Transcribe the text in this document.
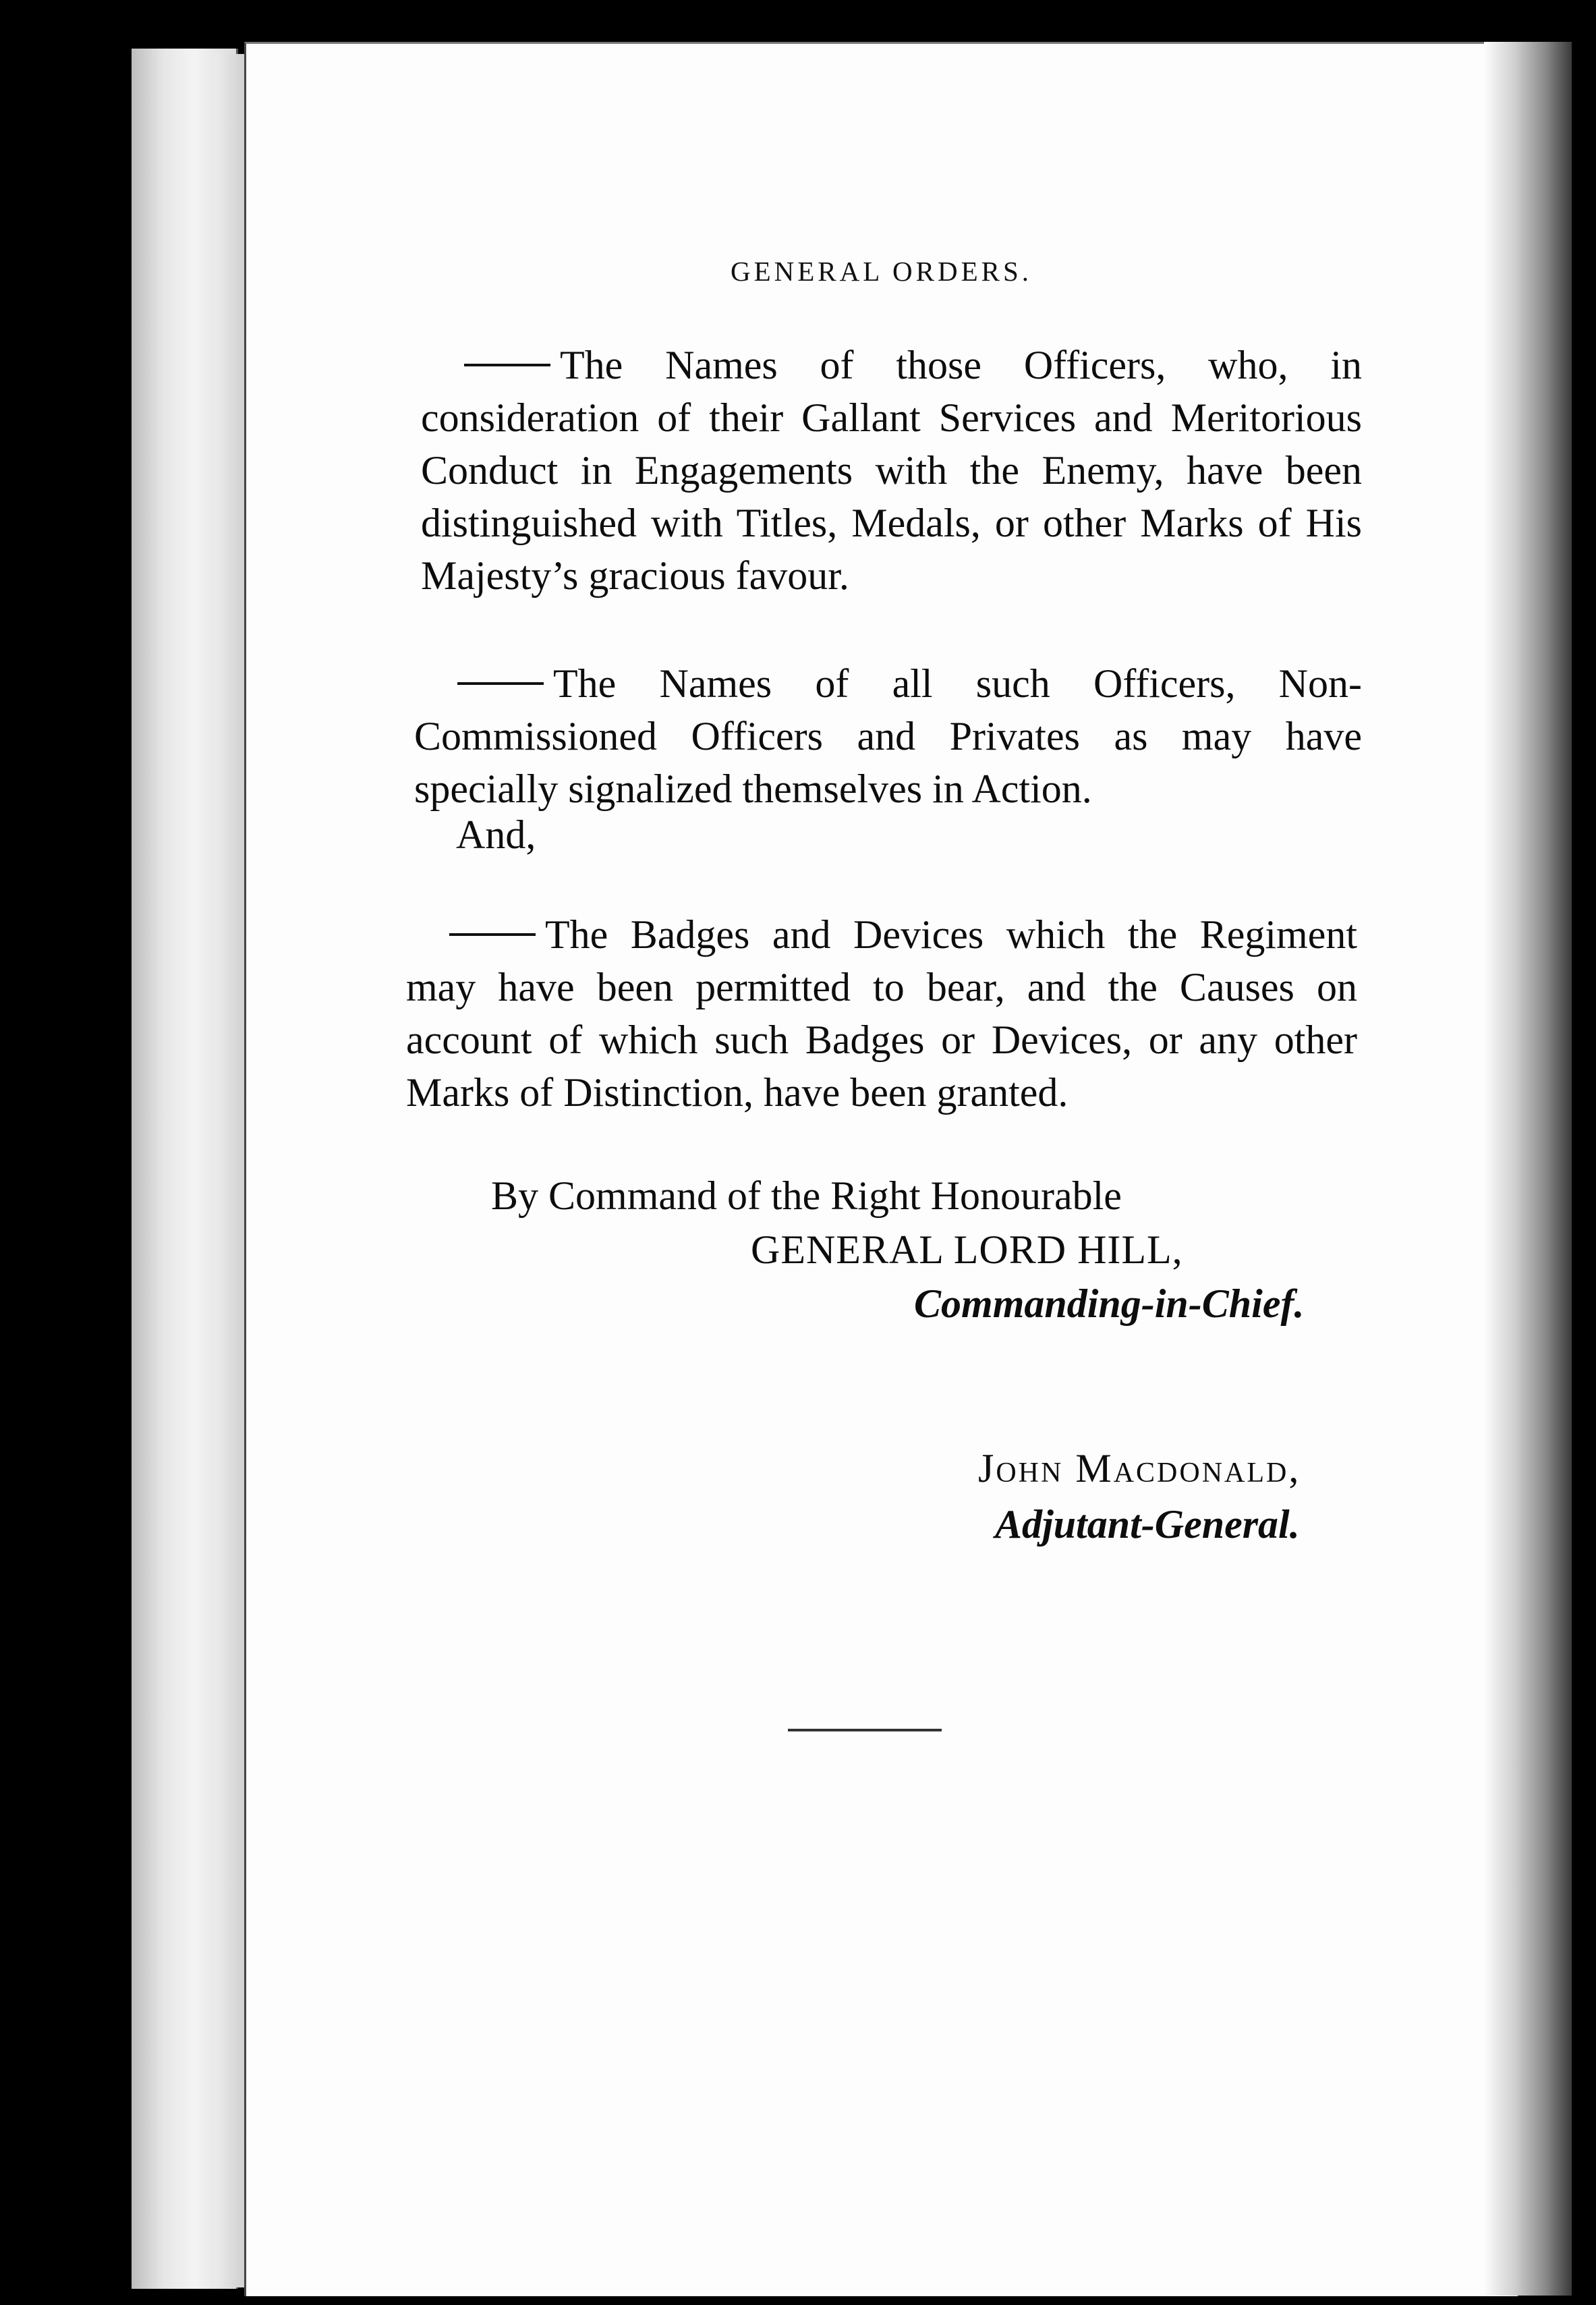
GENERAL ORDERS.

The Names of those Officers, who, in consideration of their Gallant Services and Meritorious Conduct in Engagements with the Enemy, have been distinguished with Titles, Medals, or other Marks of His Majesty’s gracious favour.

The Names of all such Officers, Non-Commissioned Officers and Privates as may have specially signalized themselves in Action.

And,

The Badges and Devices which the Regiment may have been permitted to bear, and the Causes on account of which such Badges or Devices, or any other Marks of Distinction, have been granted.

By Command of the Right Honourable
GENERAL LORD HILL,
Commanding-in-Chief.
John Macdonald,
Adjutant-General.
